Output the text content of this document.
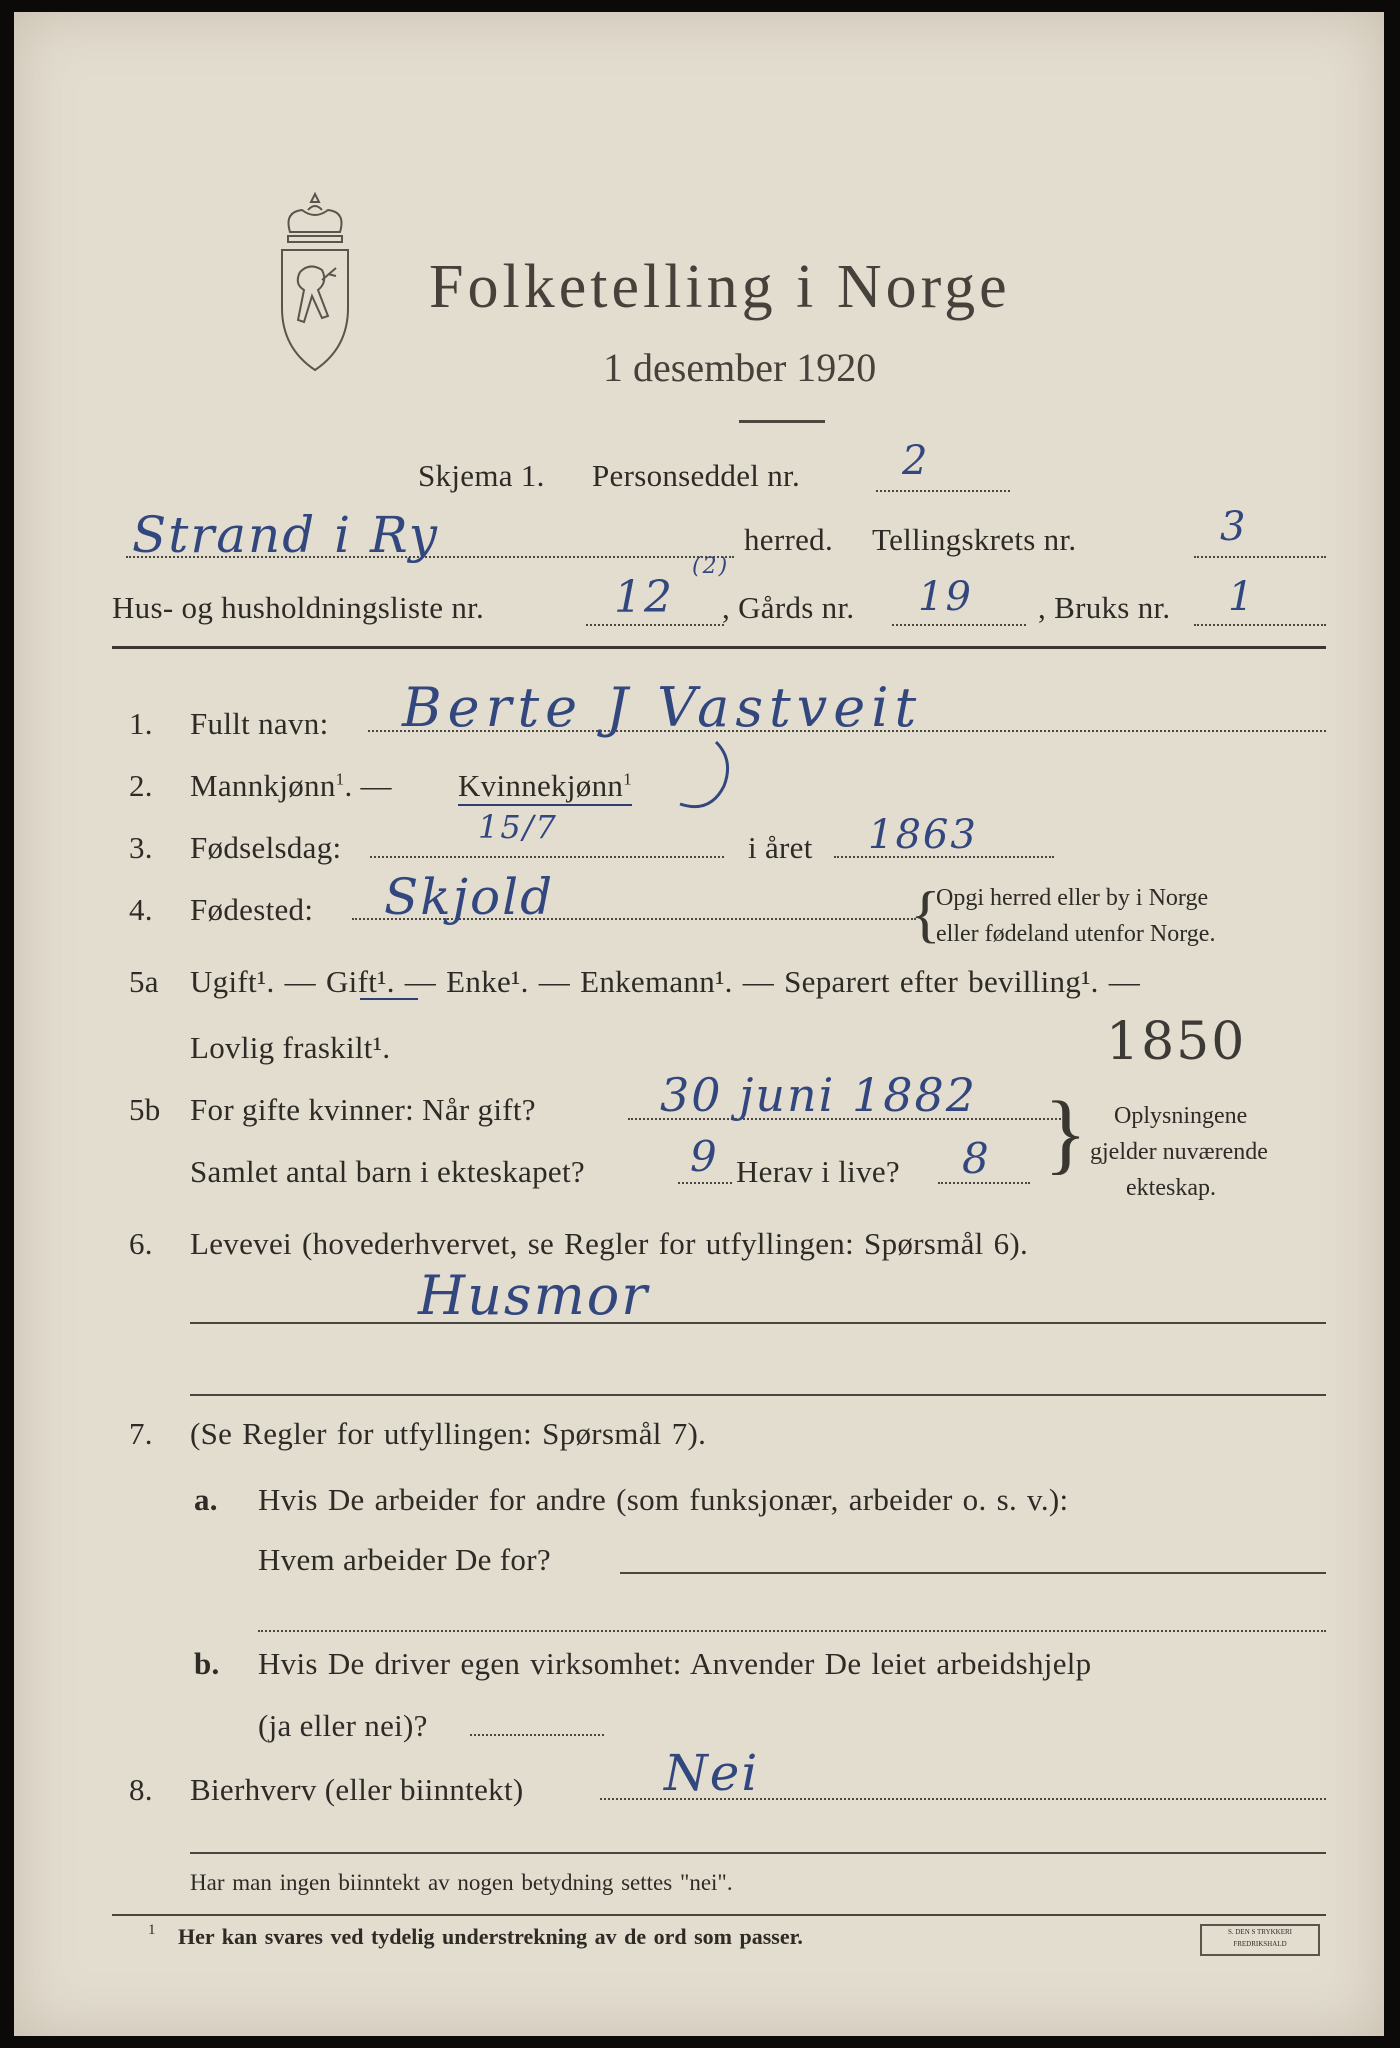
Folketelling i Norge
1 desember 1920
Skjema 1. Personseddel nr.	2
Strand i Ry	herred. Tellingskrets nr.	3
Hus- og husholdningsliste nr.	12
(2)
, Gårds nr. 19 , Bruks nr. 1
1. Fullt navn: Berte J Vastveit
2. Mannkjønn$^1$. — Kvinnekjønn$^1$
3. Fødselsdag:
15/7
i året 1863
4. Fødested: Skjold	{
Opgi herred eller by i Norge
eller fødeland utenfor Norge.
5a Ugift¹. — Gift¹. — Enke¹. — Enkemann¹. — Separert efter bevilling¹. —
Lovlig fraskilt¹.	1850
5b For gifte kvinner: Når gift?	30 juni 1882
Samlet antal barn i ekteskapet?	9 Herav i live? 8 } Oplysningene
gjelder nuværende
ekteskap.
6. Levevei (hovederhvervet, se Regler for utfyllingen: Spørsmål 6).
Husmor
7. (Se Regler for utfyllingen: Spørsmål 7).
a. Hvis De arbeider for andre (som funksjonær, arbeider o. s. v.):
Hvem arbeider De for?
b. Hvis De driver egen virksomhet: Anvender De leiet arbeidshjelp
(ja eller nei)?
8. Bierhverv (eller biinntekt)	Nei
Har man ingen biinntekt av nogen betydning settes "nei".
1 Her kan svares ved tydelig understrekning av de ord som passer.	S. DEN S TRYKKERI FREDRIKSHALD
